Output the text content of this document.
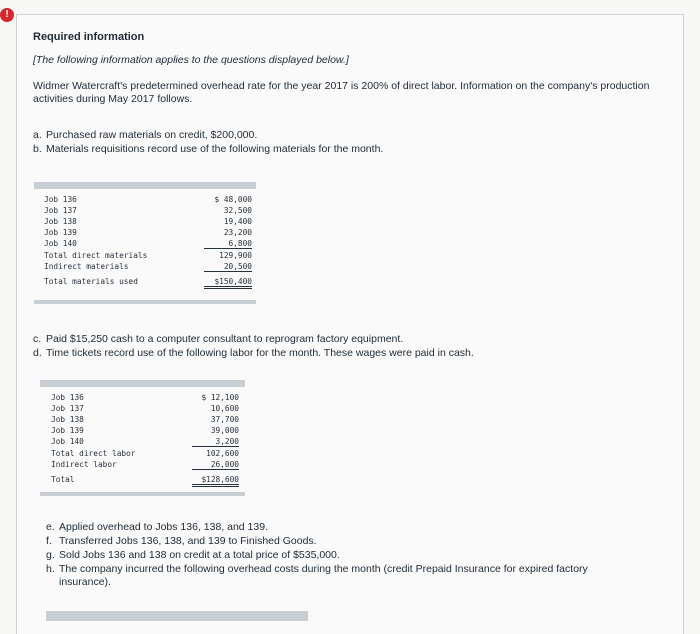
!
Required information
[The following information applies to the questions displayed below.]
Widmer Watercraft's predetermined overhead rate for the year 2017 is 200% of direct labor. Information on the company's production activities during May 2017 follows.
a. Purchased raw materials on credit, $200,000.
b. Materials requisitions record use of the following materials for the month.
Job 136	$ 48,000
Job 137	32,500
Job 138	19,400
Job 139	23,200
Job 140	6,800
Total direct materials	129,900
Indirect materials	20,500
Total materials used	$150,400
c. Paid $15,250 cash to a computer consultant to reprogram factory equipment.
d. Time tickets record use of the following labor for the month. These wages were paid in cash.
Job 136	$ 12,100
Job 137	10,600
Job 138	37,700
Job 139	39,000
Job 140	3,200
Total direct labor	102,600
Indirect labor	26,000
Total	$128,600
e. Applied overhead to Jobs 136, 138, and 139.
f. Transferred Jobs 136, 138, and 139 to Finished Goods.
g. Sold Jobs 136 and 138 on credit at a total price of $535,000.
h. The company incurred the following overhead costs during the month (credit Prepaid Insurance for expired factory
insurance).
